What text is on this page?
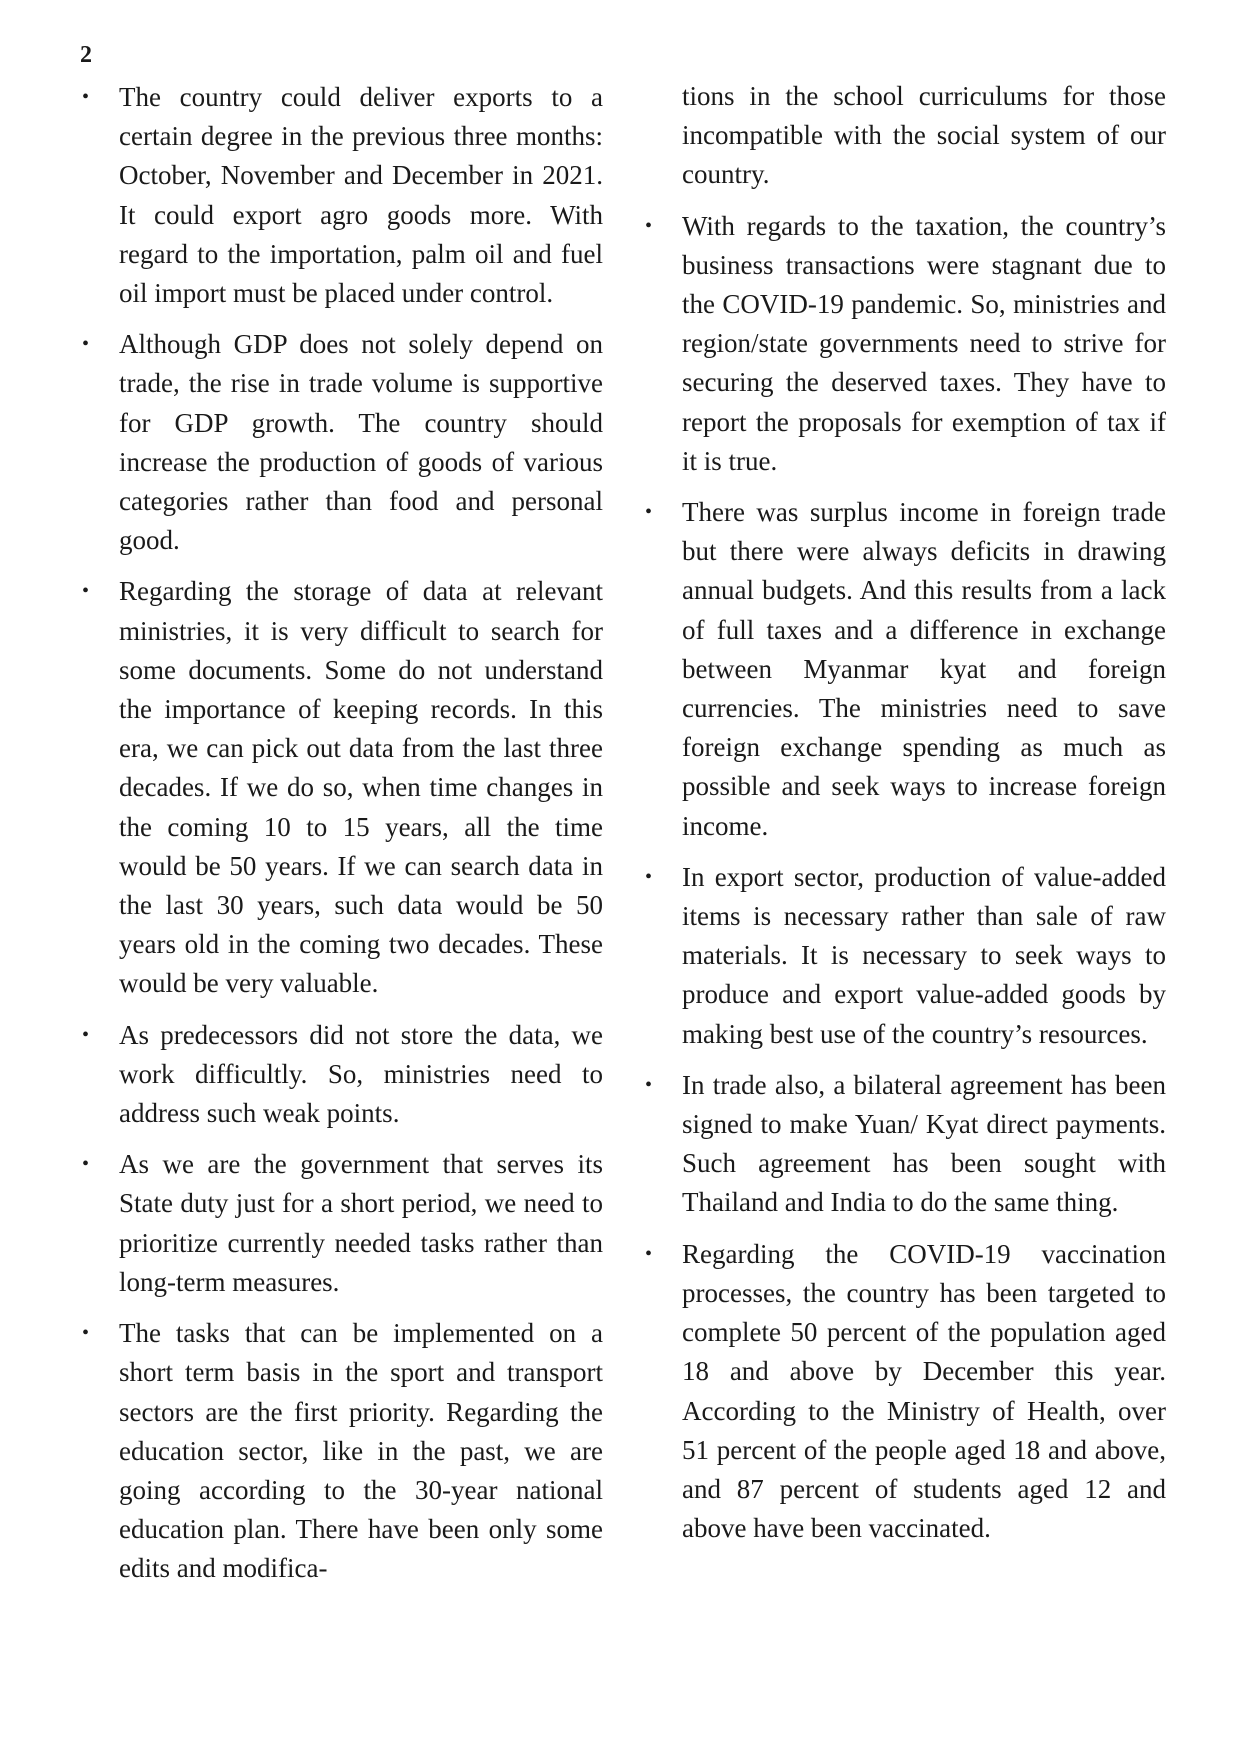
2
• The country could deliver exports to a certain degree in the previous three months: October, November and December in 2021. It could export agro goods more. With regard to the importation, palm oil and fuel oil import must be placed under control.
• Although GDP does not solely depend on trade, the rise in trade volume is supportive for GDP growth. The country should increase the production of goods of various categories rather than food and personal good.
• Regarding the storage of data at relevant ministries, it is very difficult to search for some documents. Some do not understand the importance of keeping records. In this era, we can pick out data from the last three decades. If we do so, when time changes in the coming 10 to 15 years, all the time would be 50 years. If we can search data in the last 30 years, such data would be 50 years old in the coming two decades. These would be very valuable.
• As predecessors did not store the data, we work difficultly. So, ministries need to address such weak points.
• As we are the government that serves its State duty just for a short period, we need to prioritize currently needed tasks rather than long-term measures.
• The tasks that can be implemented on a short term basis in the sport and transport sectors are the first priority. Regarding the education sector, like in the past, we are going according to the 30-year national education plan. There have been only some edits and modifica-

tions in the school curriculums for those incompatible with the social system of our country.

• With regards to the taxation, the country’s business transactions were stagnant due to the COVID-19 pandemic. So, ministries and region/state governments need to strive for securing the deserved taxes. They have to report the proposals for exemption of tax if it is true.
• There was surplus income in foreign trade but there were always deficits in drawing annual budgets. And this results from a lack of full taxes and a difference in exchange between Myanmar kyat and foreign currencies. The ministries need to save foreign exchange spending as much as possible and seek ways to increase foreign income.
• In export sector, production of value-added items is necessary rather than sale of raw materials. It is necessary to seek ways to produce and export value-added goods by making best use of the country’s resources.
• In trade also, a bilateral agreement has been signed to make Yuan/ Kyat direct payments. Such agreement has been sought with Thailand and India to do the same thing.
• Regarding the COVID-19 vaccination processes, the country has been targeted to complete 50 percent of the population aged 18 and above by December this year. According to the Ministry of Health, over 51 percent of the people aged 18 and above, and 87 percent of students aged 12 and above have been vaccinated.
